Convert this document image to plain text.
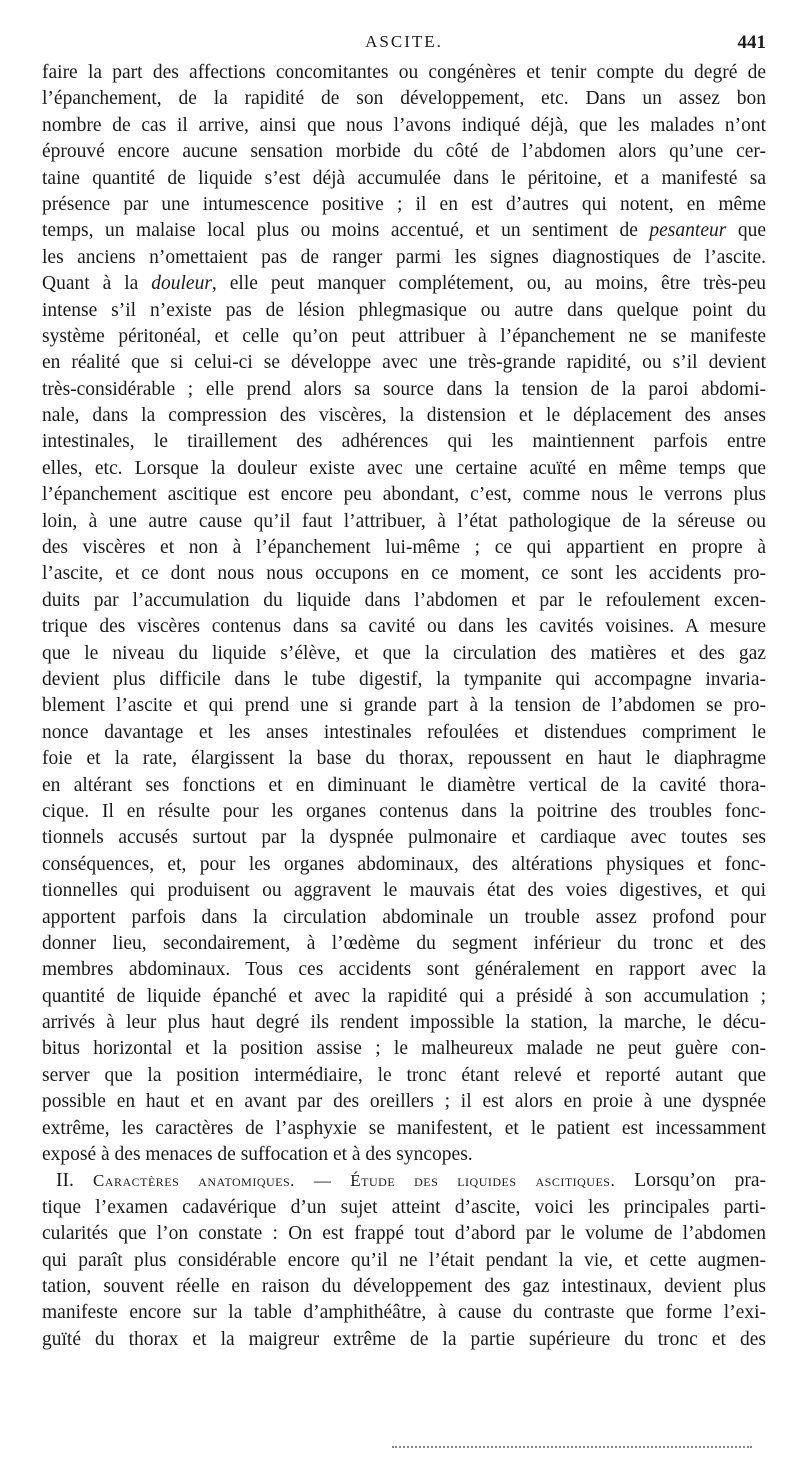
ASCITE.	441
faire la part des affections concomitantes ou congénères et tenir compte du degré de
l’épanchement, de la rapidité de son développement, etc. Dans un assez bon
nombre de cas il arrive, ainsi que nous l’avons indiqué déjà, que les malades n’ont
éprouvé encore aucune sensation morbide du côté de l’abdomen alors qu’une cer-
taine quantité de liquide s’est déjà accumulée dans le péritoine, et a manifesté sa
présence par une intumescence positive ; il en est d’autres qui notent, en même
temps, un malaise local plus ou moins accentué, et un sentiment de pesanteur que
les anciens n’omettaient pas de ranger parmi les signes diagnostiques de l’ascite.
Quant à la douleur, elle peut manquer complétement, ou, au moins, être très-peu
intense s’il n’existe pas de lésion phlegmasique ou autre dans quelque point du
système péritonéal, et celle qu’on peut attribuer à l’épanchement ne se manifeste
en réalité que si celui-ci se développe avec une très-grande rapidité, ou s’il devient
très-considérable ; elle prend alors sa source dans la tension de la paroi abdomi-
nale, dans la compression des viscères, la distension et le déplacement des anses
intestinales, le tiraillement des adhérences qui les maintiennent parfois entre
elles, etc. Lorsque la douleur existe avec une certaine acuïté en même temps que
l’épanchement ascitique est encore peu abondant, c’est, comme nous le verrons plus
loin, à une autre cause qu’il faut l’attribuer, à l’état pathologique de la séreuse ou
des viscères et non à l’épanchement lui-même ; ce qui appartient en propre à
l’ascite, et ce dont nous nous occupons en ce moment, ce sont les accidents pro-
duits par l’accumulation du liquide dans l’abdomen et par le refoulement excen-
trique des viscères contenus dans sa cavité ou dans les cavités voisines. A mesure
que le niveau du liquide s’élève, et que la circulation des matières et des gaz
devient plus difficile dans le tube digestif, la tympanite qui accompagne invaria-
blement l’ascite et qui prend une si grande part à la tension de l’abdomen se pro-
nonce davantage et les anses intestinales refoulées et distendues compriment le
foie et la rate, élargissent la base du thorax, repoussent en haut le diaphragme
en altérant ses fonctions et en diminuant le diamètre vertical de la cavité thora-
cique. Il en résulte pour les organes contenus dans la poitrine des troubles fonc-
tionnels accusés surtout par la dyspnée pulmonaire et cardiaque avec toutes ses
conséquences, et, pour les organes abdominaux, des altérations physiques et fonc-
tionnelles qui produisent ou aggravent le mauvais état des voies digestives, et qui
apportent parfois dans la circulation abdominale un trouble assez profond pour
donner lieu, secondairement, à l’œdème du segment inférieur du tronc et des
membres abdominaux. Tous ces accidents sont généralement en rapport avec la
quantité de liquide épanché et avec la rapidité qui a présidé à son accumulation ;
arrivés à leur plus haut degré ils rendent impossible la station, la marche, le décu-
bitus horizontal et la position assise ; le malheureux malade ne peut guère con-
server que la position intermédiaire, le tronc étant relevé et reporté autant que
possible en haut et en avant par des oreillers ; il est alors en proie à une dyspnée
extrême, les caractères de l’asphyxie se manifestent, et le patient est incessamment
exposé à des menaces de suffocation et à des syncopes.
II. Caractères anatomiques. — Étude des liquides ascitiques. Lorsqu’on pra-
tique l’examen cadavérique d’un sujet atteint d’ascite, voici les principales parti-
cularités que l’on constate : On est frappé tout d’abord par le volume de l’abdomen
qui paraît plus considérable encore qu’il ne l’était pendant la vie, et cette augmen-
tation, souvent réelle en raison du développement des gaz intestinaux, devient plus
manifeste encore sur la table d’amphithéâtre, à cause du contraste que forme l’exi-
guïté du thorax et la maigreur extrême de la partie supérieure du tronc et des
